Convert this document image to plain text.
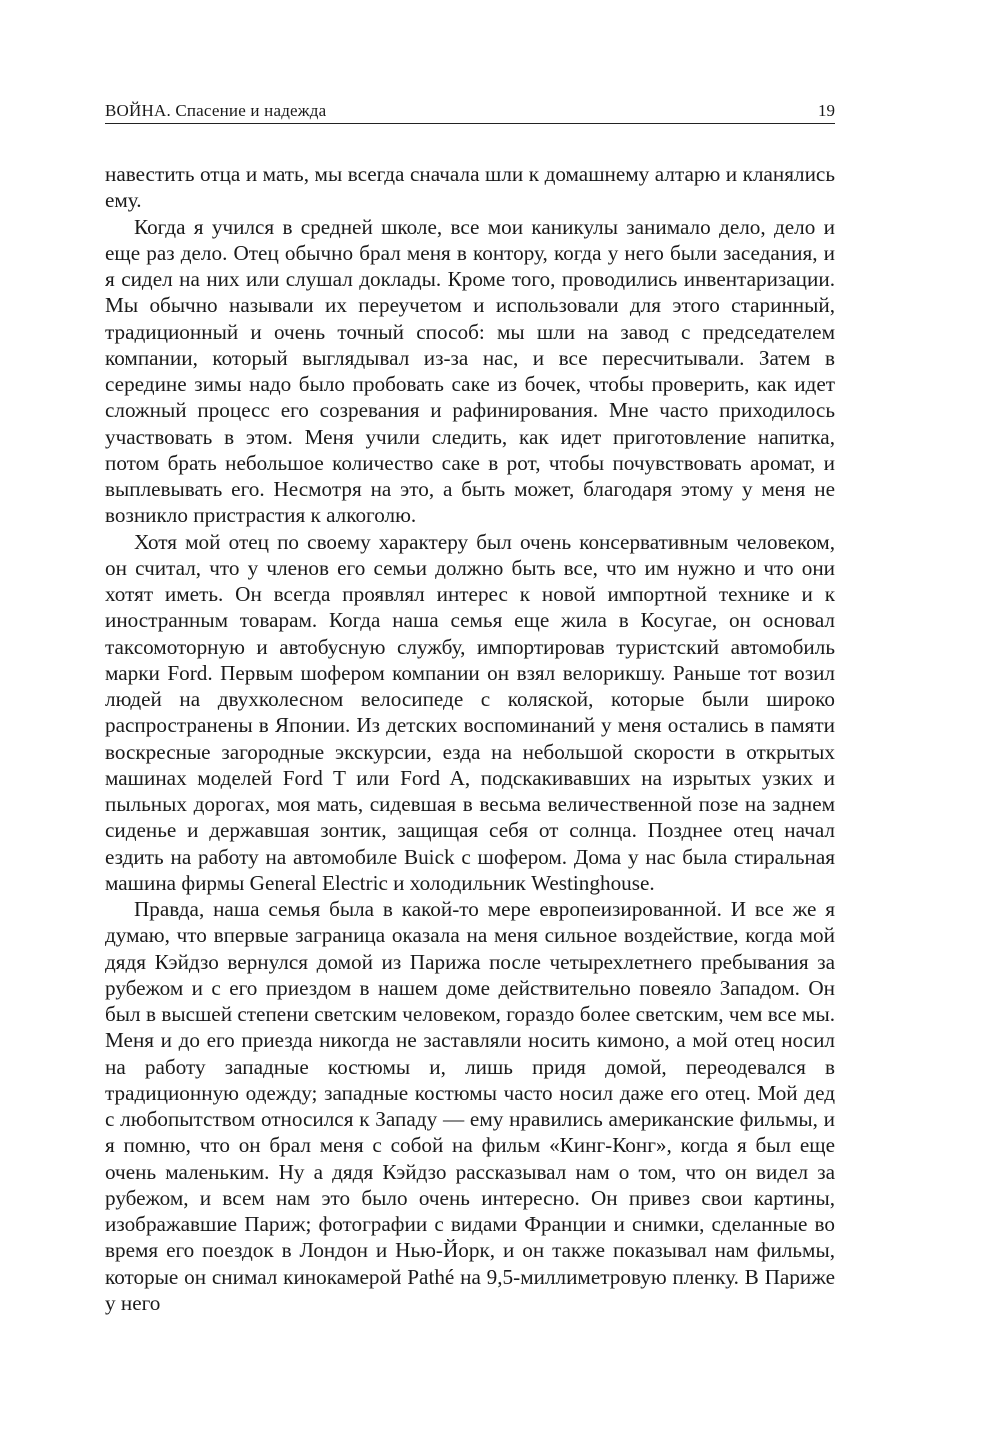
ВОЙНА. Спасение и надежда	19

навестить отца и мать, мы всегда сначала шли к домашнему алтарю и кланялись ему.

Когда я учился в средней школе, все мои каникулы занимало дело, дело и еще раз дело. Отец обычно брал меня в контору, когда у него были заседания, и я сидел на них или слушал доклады. Кроме того, проводились инвентаризации. Мы обычно называли их переучетом и использовали для этого старинный, традиционный и очень точный способ: мы шли на завод с председателем компании, который выглядывал из-за нас, и все пересчитывали. Затем в середине зимы надо было пробовать саке из бочек, чтобы проверить, как идет сложный процесс его созревания и рафинирования. Мне часто приходилось участвовать в этом. Меня учили следить, как идет приготовление напитка, потом брать небольшое количество саке в рот, чтобы почувствовать аромат, и выплевывать его. Несмотря на это, а быть может, благодаря этому у меня не возникло пристрастия к алкоголю.

Хотя мой отец по своему характеру был очень консервативным человеком, он считал, что у членов его семьи должно быть все, что им нужно и что они хотят иметь. Он всегда проявлял интерес к новой импортной технике и к иностранным товарам. Когда наша семья еще жила в Косугае, он основал таксомоторную и автобусную службу, импортировав туристский автомобиль марки Ford. Первым шофером компании он взял велорикшу. Раньше тот возил людей на двухколесном велосипеде с коляской, которые были широко распространены в Японии. Из детских воспоминаний у меня остались в памяти воскресные загородные экскурсии, езда на небольшой скорости в открытых машинах моделей Ford T или Ford A, подскакивавших на изрытых узких и пыльных дорогах, моя мать, сидевшая в весьма величественной позе на заднем сиденье и державшая зонтик, защищая себя от солнца. Позднее отец начал ездить на работу на автомобиле Buick с шофером. Дома у нас была стиральная машина фирмы General Electric и холодильник Westinghouse.

Правда, наша семья была в какой-то мере европеизированной. И все же я думаю, что впервые заграница оказала на меня сильное воздействие, когда мой дядя Кэйдзо вернулся домой из Парижа после четырехлетнего пребывания за рубежом и с его приездом в нашем доме действительно повеяло Западом. Он был в высшей степени светским человеком, гораздо более светским, чем все мы. Меня и до его приезда никогда не заставляли носить кимоно, а мой отец носил на работу западные костюмы и, лишь придя домой, переодевался в традиционную одежду; западные костюмы часто носил даже его отец. Мой дед с любопытством относился к Западу — ему нравились американские фильмы, и я помню, что он брал меня с собой на фильм «Кинг-Конг», когда я был еще очень маленьким. Ну а дядя Кэйдзо рассказывал нам о том, что он видел за рубежом, и всем нам это было очень интересно. Он привез свои картины, изображавшие Париж; фотографии с видами Франции и снимки, сделанные во время его поездок в Лондон и Нью-Йорк, и он также показывал нам фильмы, которые он снимал кинокамерой Pathé на 9,5-миллиметровую пленку. В Париже у него
